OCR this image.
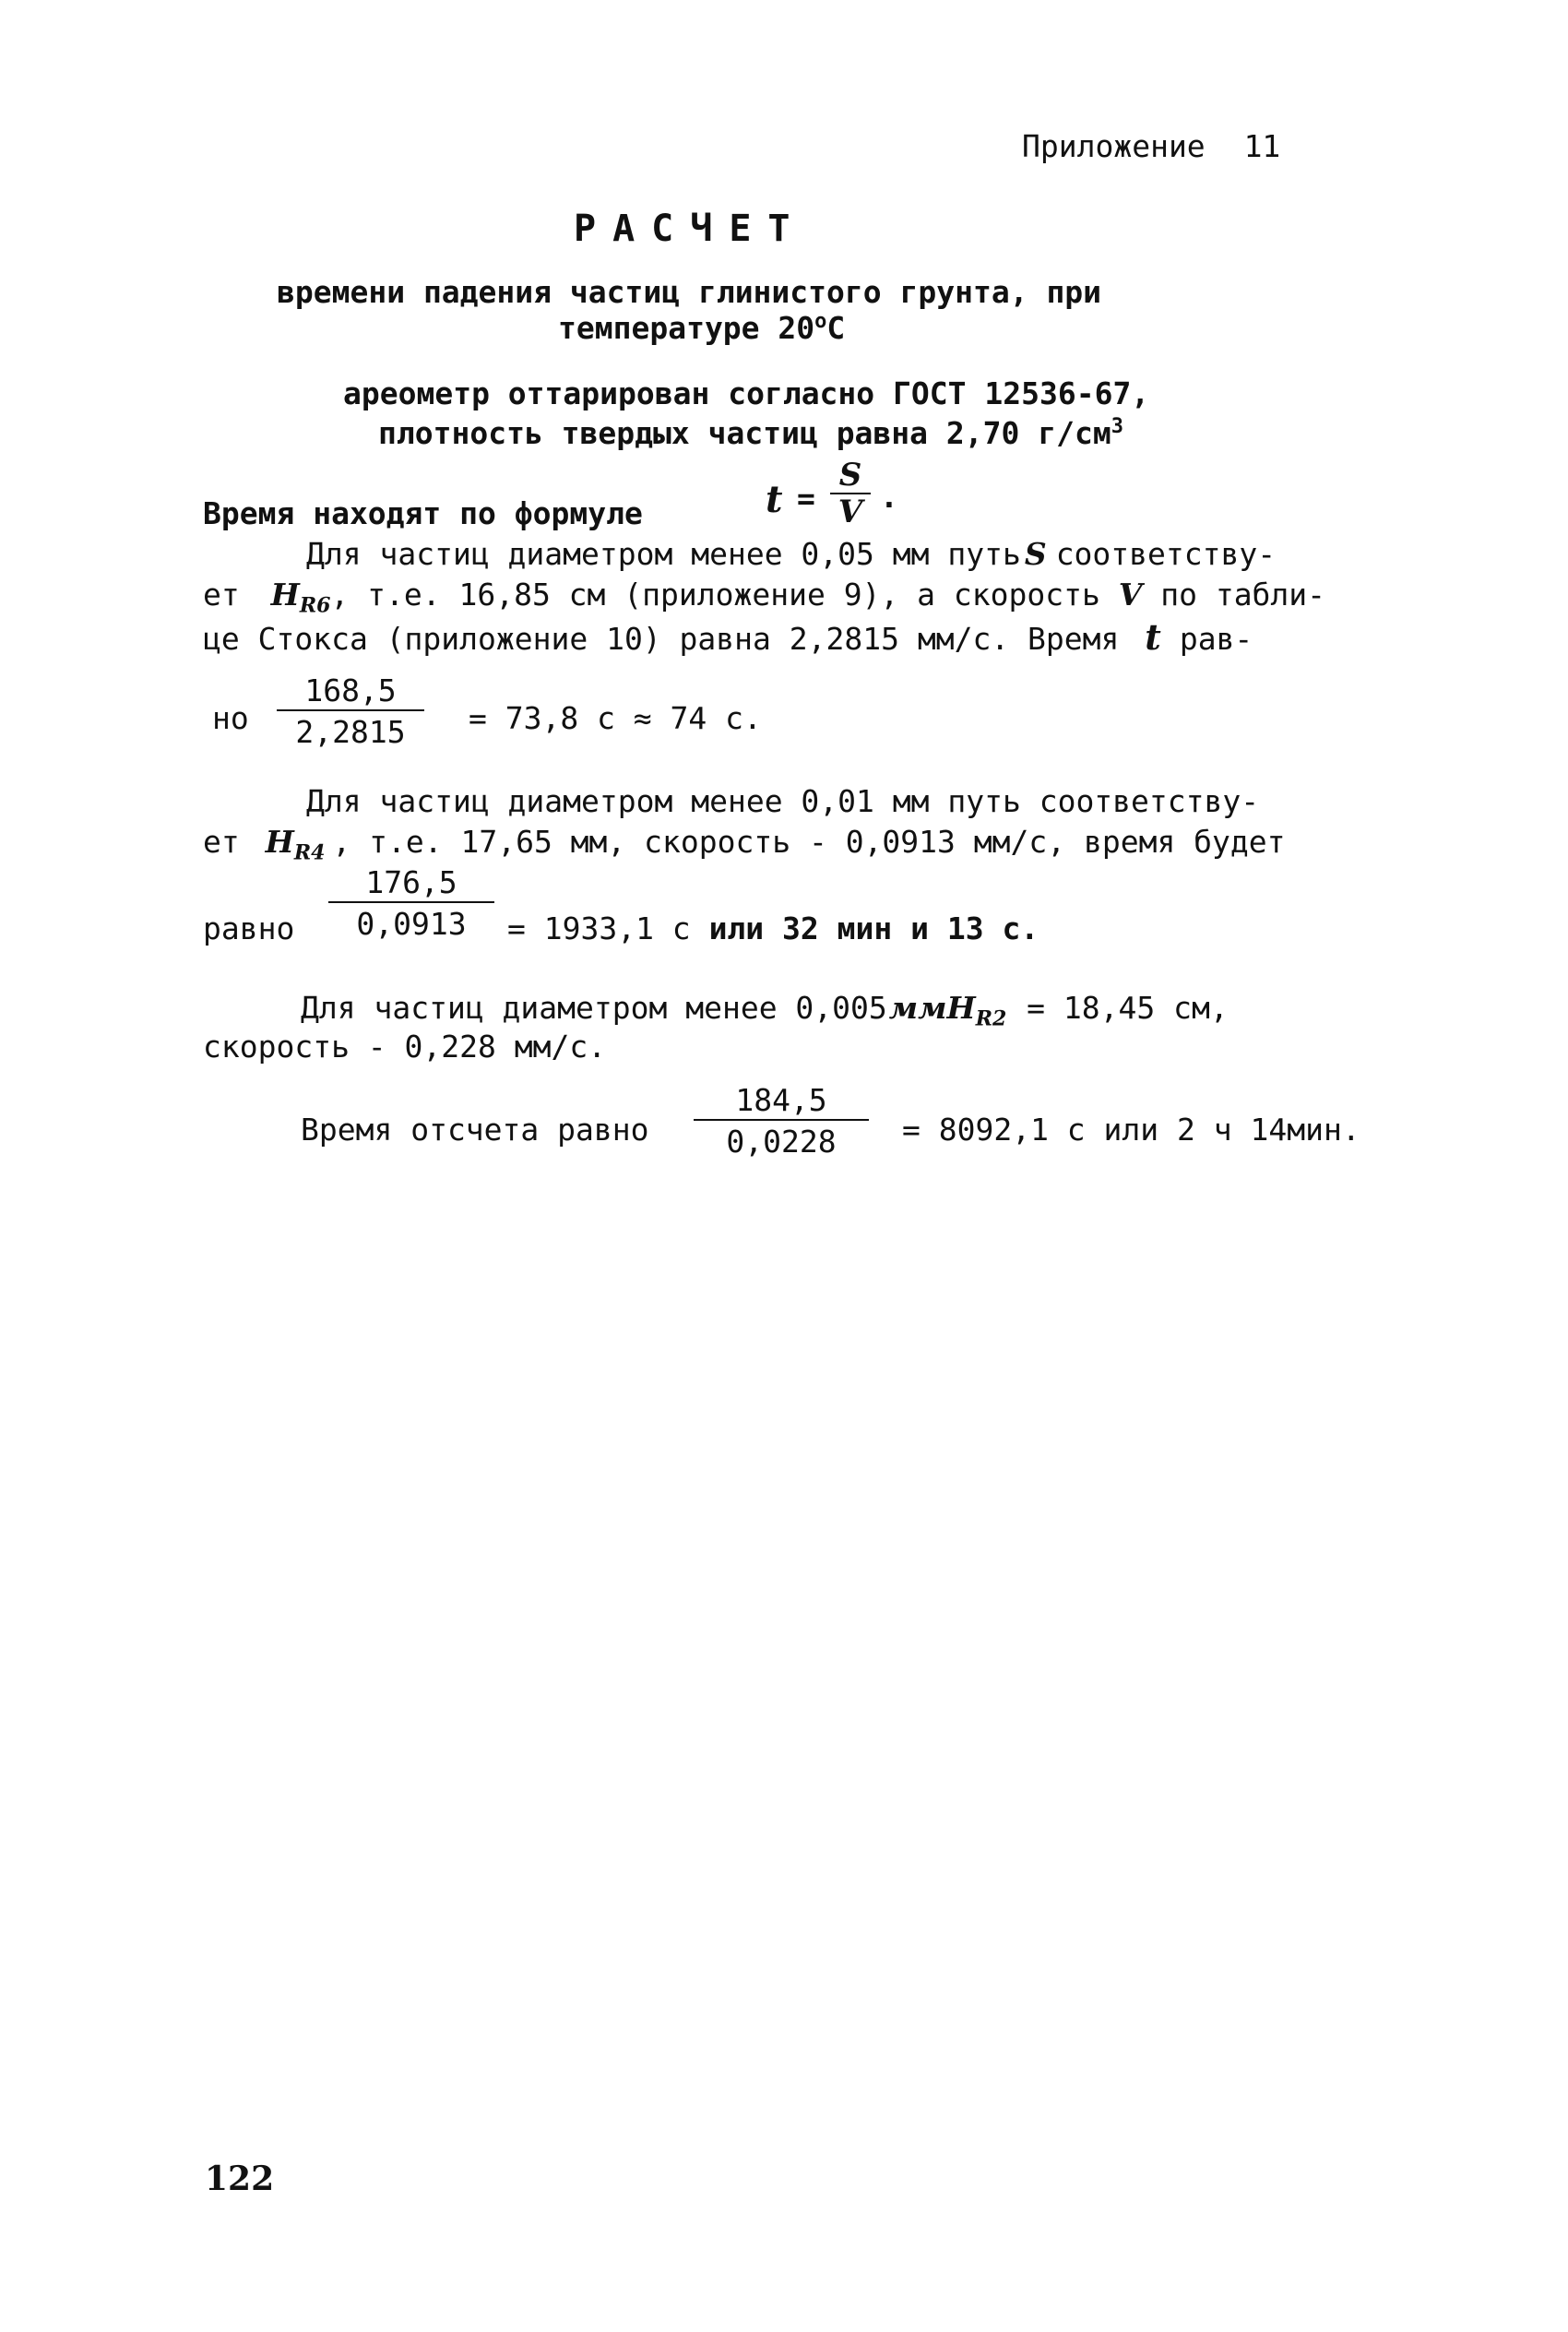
Приложение 11
РАСЧЕТ
времени падения частиц глинистого грунта, при
температуре $20^оС$
ареометр оттарирован согласно ГОСТ 12536-67,
плотность твердых частиц равна 2,70 $г/см^3$
Время находят по формуле	$t = \frac{S}{V}$ .
Для частиц диаметром менее 0,05 мм путь S соответству-
ет $H_{R6}$, т.е. 16,85 см (приложение 9), а скорость V по табли-
це Стокса (приложение 10) равна 2,2815 мм/с. Время t рав-
но $\frac{168,5}{2,2815} = 73,8$ с ≈ 74 с.
Для частиц диаметром менее 0,01 мм путь соответству-
ет $H_{R4}$ , т.е. 17,65 мм, скорость - 0,0913 мм/с, время будет
равно $\frac{176,5}{0,0913} = 1933,1$ с или 32 мин и 13 с.
Для частиц диаметром менее 0,005ммH$_{R2}$ = 18,45 см,
скорость - 0,228 мм/с.
Время отсчета равно $\frac{184,5}{0,0228} = 8092,1$ с или 2 ч 14мин.
122
